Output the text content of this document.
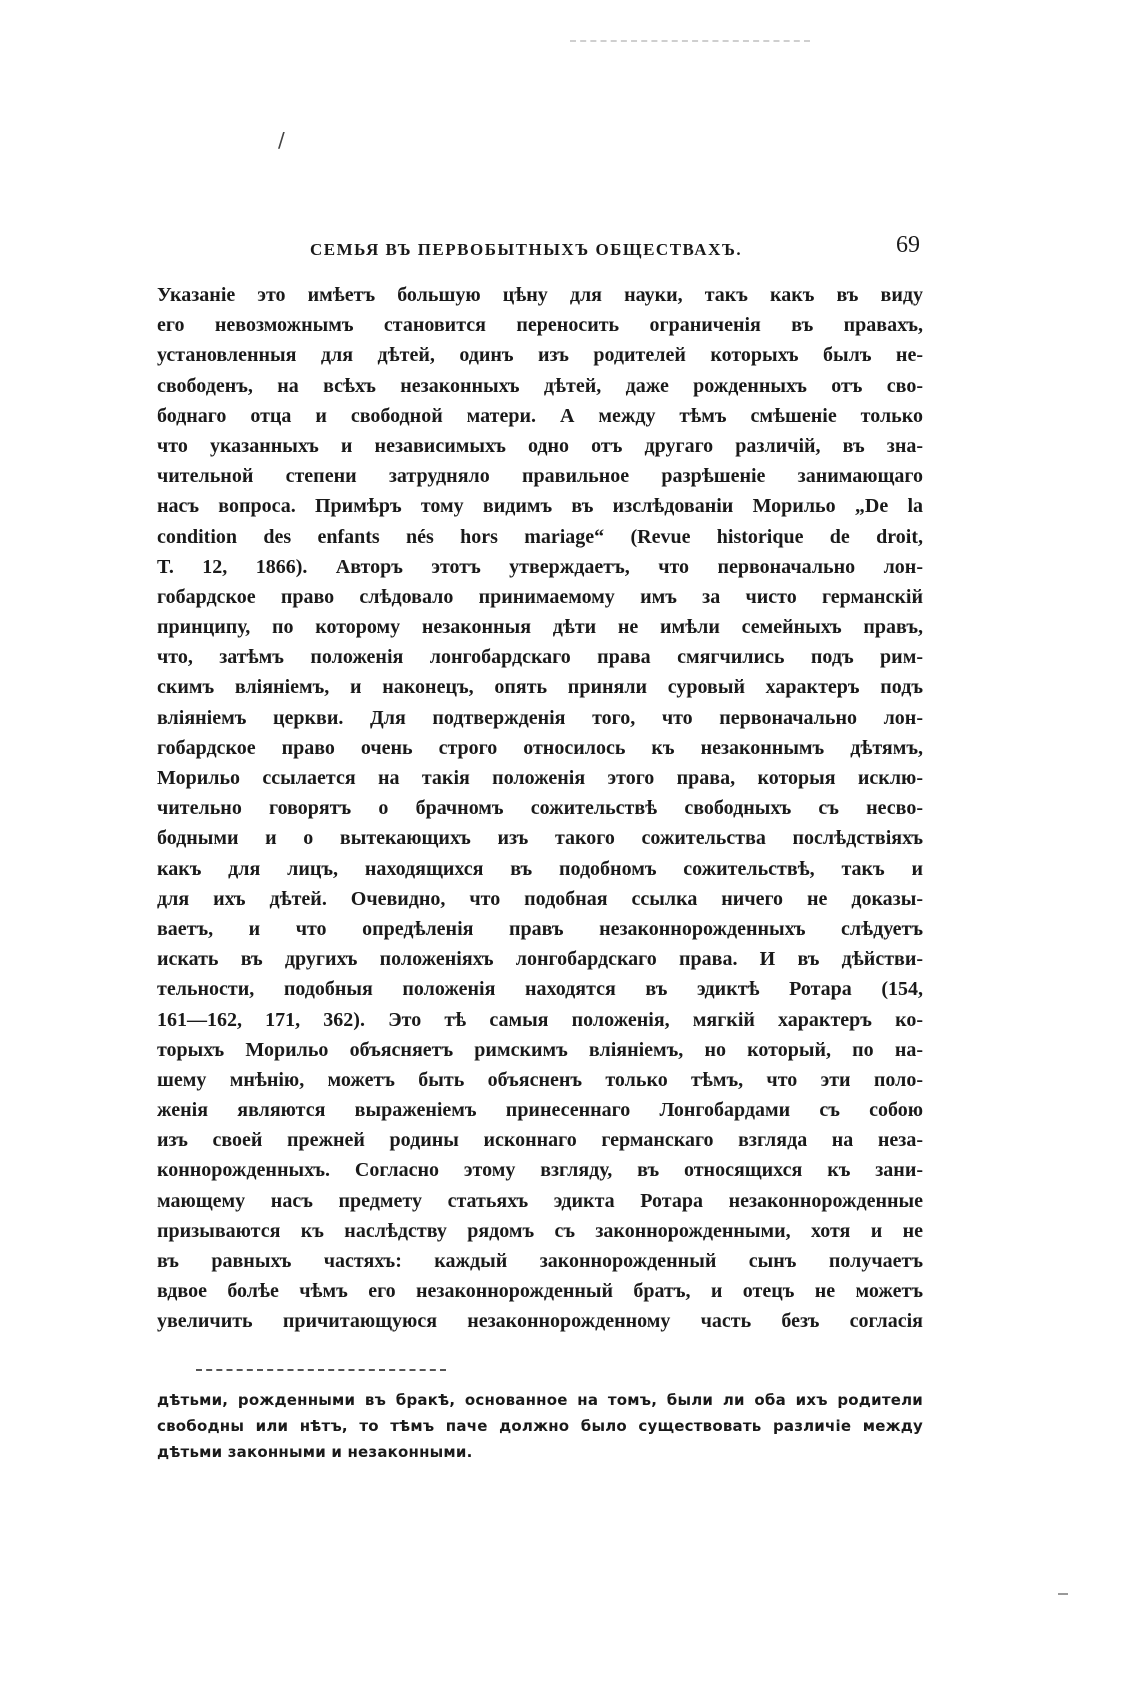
/
СЕМЬЯ ВЪ ПЕРВОБЫТНЫХЪ ОБЩЕСТВАХЪ.	69
Указаніе это имѣетъ большую цѣну для науки, такъ какъ въ виду
его невозможнымъ становится переносить ограниченія въ правахъ,
установленныя для дѣтей, одинъ изъ родителей которыхъ былъ не-
свободенъ, на всѣхъ незаконныхъ дѣтей, даже рожденныхъ отъ сво-
боднаго отца и свободной матери. А между тѣмъ смѣшеніе только
что указанныхъ и независимыхъ одно отъ другаго различій, въ зна-
чительной степени затрудняло правильное разрѣшеніе занимающаго
насъ вопроса. Примѣръ тому видимъ въ изслѣдованіи Морильо „De la
condition des enfants nés hors mariage“ (Revue historique de droit,
T. 12, 1866). Авторъ этотъ утверждаетъ, что первоначально лон-
гобардское право слѣдовало принимаемому имъ за чисто германскій
принципу, по которому незаконныя дѣти не имѣли семейныхъ правъ,
что, затѣмъ положенія лонгобардскаго права смягчились подъ рим-
скимъ вліяніемъ, и наконецъ, опять приняли суровый характеръ подъ
вліяніемъ церкви. Для подтвержденія того, что первоначально лон-
гобардское право очень строго относилось къ незаконнымъ дѣтямъ,
Морильо ссылается на такія положенія этого права, которыя исклю-
чительно говорятъ о брачномъ сожительствѣ свободныхъ съ несво-
бодными и о вытекающихъ изъ такого сожительства послѣдствіяхъ
какъ для лицъ, находящихся въ подобномъ сожительствѣ, такъ и
для ихъ дѣтей. Очевидно, что подобная ссылка ничего не доказы-
ваетъ, и что опредѣленія правъ незаконнорожденныхъ слѣдуетъ
искать въ другихъ положеніяхъ лонгобардскаго права. И въ дѣйстви-
тельности, подобныя положенія находятся въ эдиктѣ Ротара (154,
161—162, 171, 362). Это тѣ самыя положенія, мягкій характеръ ко-
торыхъ Морильо объясняетъ римскимъ вліяніемъ, но который, по на-
шему мнѣнію, можетъ быть объясненъ только тѣмъ, что эти поло-
женія являются выраженіемъ принесеннаго Лонгобардами съ собою
изъ своей прежней родины исконнаго германскаго взгляда на неза-
коннорожденныхъ. Согласно этому взгляду, въ относящихся къ зани-
мающему насъ предмету статьяхъ эдикта Ротара незаконнорожденные
призываются къ наслѣдству рядомъ съ законнорожденными, хотя и не
въ равныхъ частяхъ: каждый законнорожденный сынъ получаетъ
вдвое болѣе чѣмъ его незаконнорожденный братъ, и отецъ не можетъ
увеличить причитающуюся незаконнорожденному часть безъ согласія
дѣтьми, рожденными въ бракѣ, основанное на томъ, были ли оба ихъ родители
свободны или нѣтъ, то тѣмъ паче должно было существовать различіе между
дѣтьми законными и незаконными.
